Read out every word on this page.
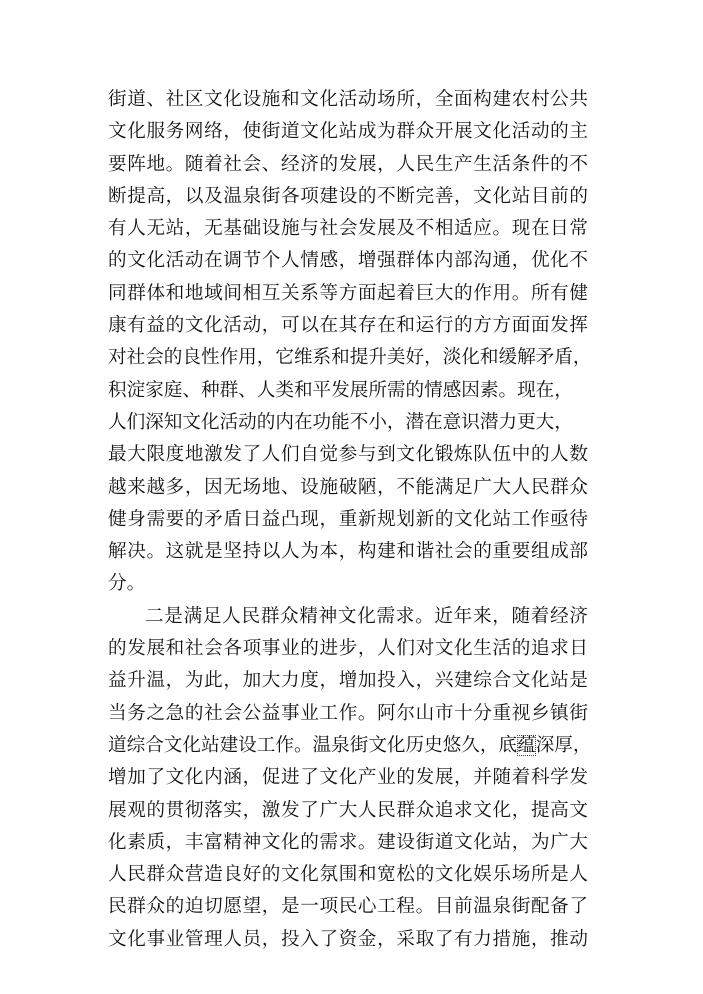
街道、社区文化设施和文化活动场所，全面构建农村公共
文化服务网络，使街道文化站成为群众开展文化活动的主
要阵地。随着社会、经济的发展，人民生产生活条件的不
断提高，以及温泉街各项建设的不断完善，文化站目前的
有人无站，无基础设施与社会发展及不相适应。现在日常
的文化活动在调节个人情感，增强群体内部沟通，优化不
同群体和地域间相互关系等方面起着巨大的作用。所有健
康有益的文化活动，可以在其存在和运行的方方面面发挥
对社会的良性作用，它维系和提升美好，淡化和缓解矛盾，
积淀家庭、种群、人类和平发展所需的情感因素。现在，
人们深知文化活动的内在功能不小，潜在意识潜力更大，
最大限度地激发了人们自觉参与到文化锻炼队伍中的人数
越来越多，因无场地、设施破陋，不能满足广大人民群众
健身需要的矛盾日益凸现，重新规划新的文化站工作亟待
解决。这就是坚持以人为本，构建和谐社会的重要组成部
分。
二是满足人民群众精神文化需求。近年来，随着经济
的发展和社会各项事业的进步，人们对文化生活的追求日
益升温，为此，加大力度，增加投入，兴建综合文化站是
当务之急的社会公益事业工作。阿尔山市十分重视乡镇街
道综合文化站建设工作。温泉街文化历史悠久，底蕴深厚，
增加了文化内涵，促进了文化产业的发展，并随着科学发
展观的贯彻落实，激发了广大人民群众追求文化，提高文
化素质，丰富精神文化的需求。建设街道文化站，为广大
人民群众营造良好的文化氛围和宽松的文化娱乐场所是人
民群众的迫切愿望，是一项民心工程。目前温泉街配备了
文化事业管理人员，投入了资金，采取了有力措施，推动
